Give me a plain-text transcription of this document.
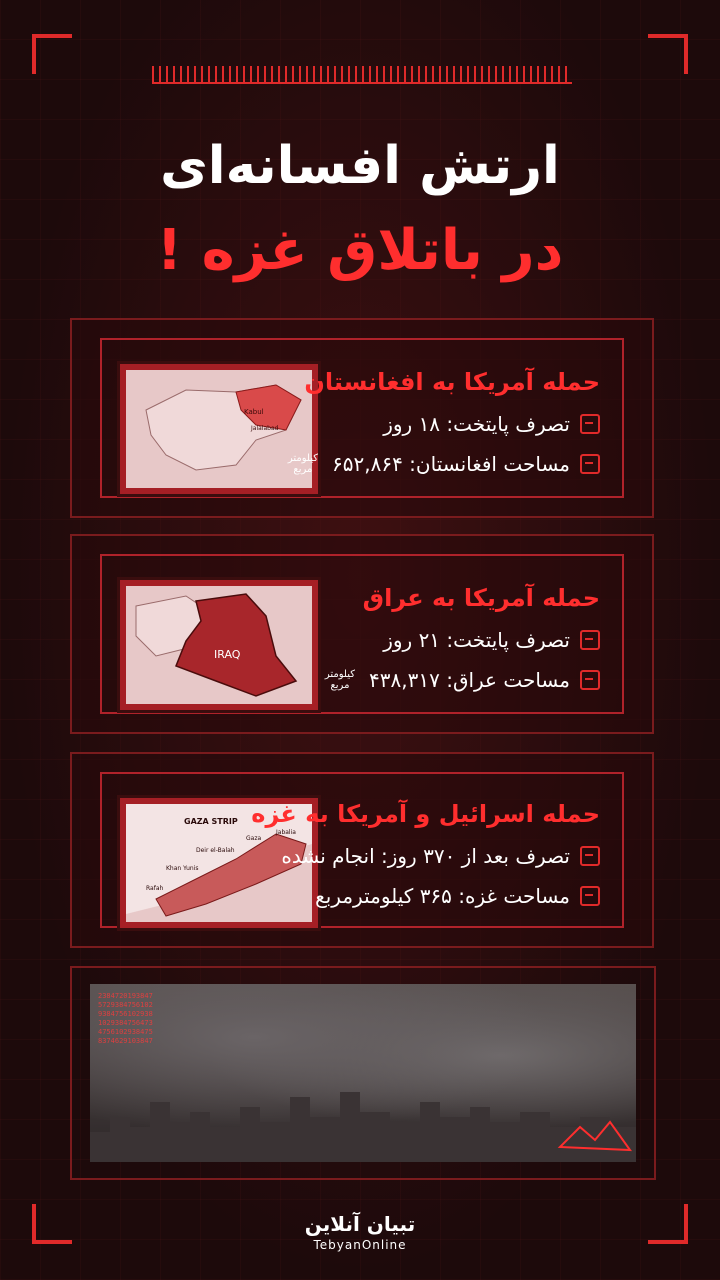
ارتش افسانه‌ای
در باتلاق غزه !
Kabul
Jalalabad
حمله آمریکا به افغانستان
تصرف پایتخت: ۱۸ روز
مساحت افغانستان: ۶۵۲,۸۶۴
کیلومتر
مربع
IRAQ
حمله آمریکا به عراق
تصرف پایتخت: ۲۱ روز
مساحت عراق: ۴۳۸,۳۱۷
کیلومتر
مربع
GAZA STRIP
Gaza
Jabalia
Deir el-Balah
Khan Yunis
Rafah
حمله اسرائیل و آمریکا به غزه
تصرف بعد از ۳۷۰ روز: انجام نشده
مساحت غزه: ۳۶۵ کیلومترمربع
2384720193847
5729384756102
9384756102938
1029384756473
4756102938475
8374629103847
تبیان آنلاین
TebyanOnline
